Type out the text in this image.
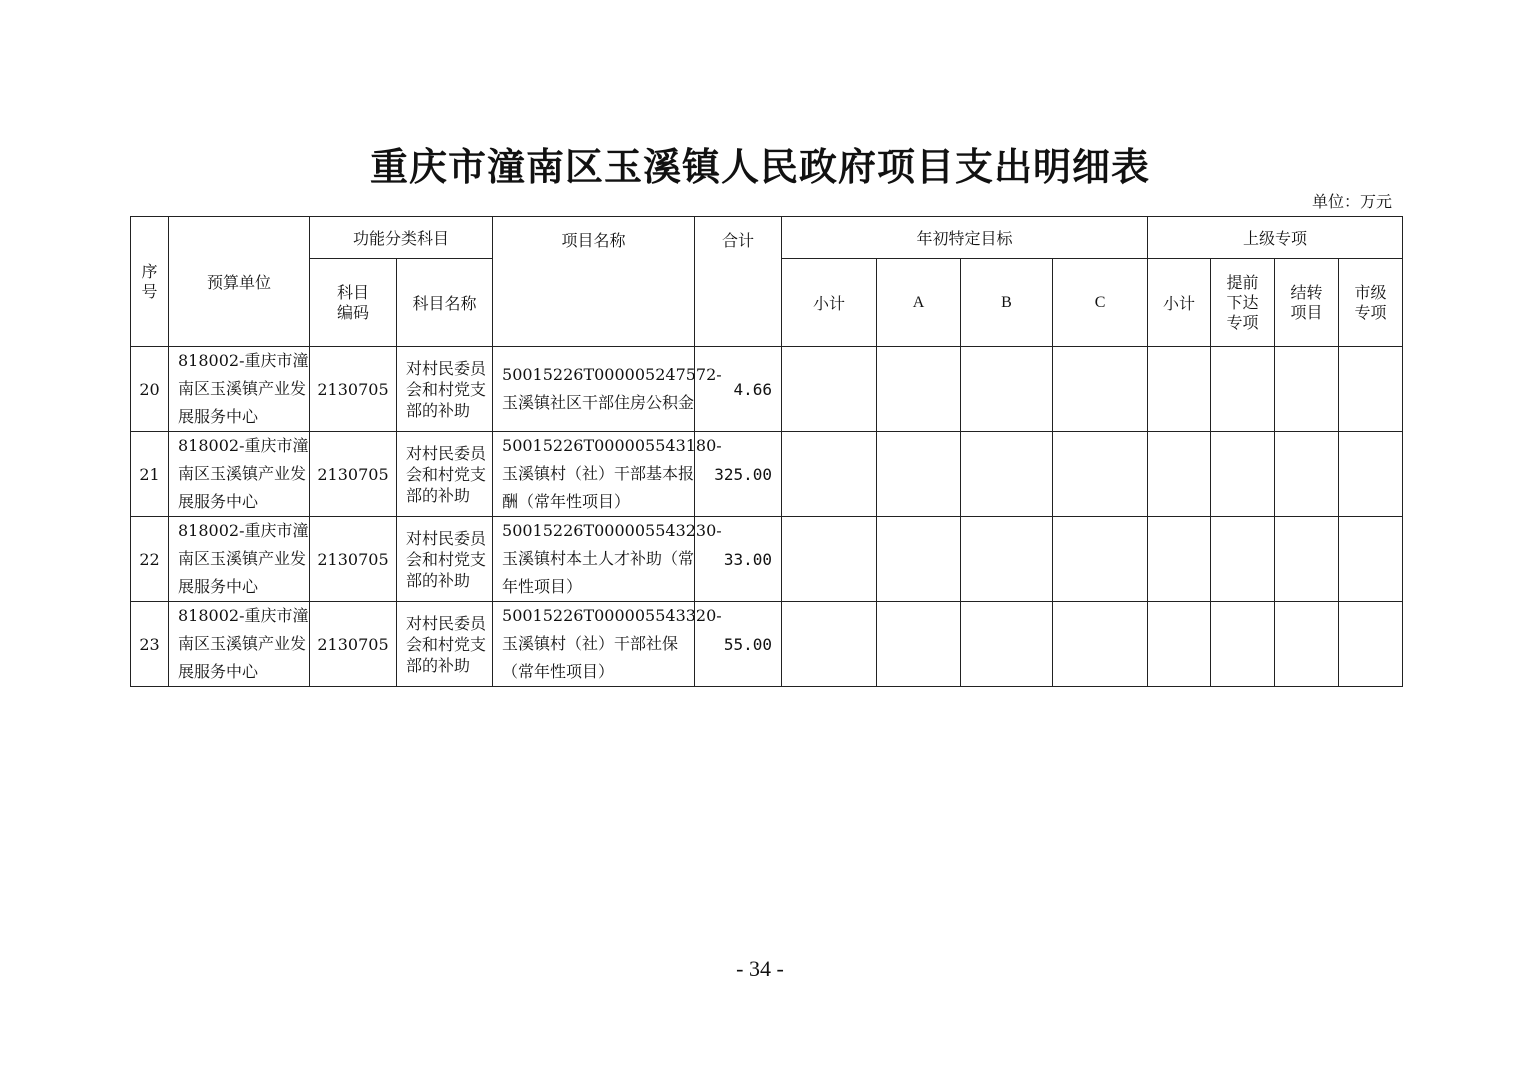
重庆市潼南区玉溪镇人民政府项目支出明细表
单位：万元
序号	预算单位	功能分类科目		项目名称	合计	年初特定目标				上级专项			

		科目编码	科目名称			小计	A	B	C	小计	提前下达专项	结转项目	市级专项

20	818002-重庆市潼南区玉溪镇产业发展服务中心	2130705	对村民委员会和村党支部的补助	50015226T000005247572-玉溪镇社区干部住房公积金	4.66								
21	818002-重庆市潼南区玉溪镇产业发展服务中心	2130705	对村民委员会和村党支部的补助	50015226T000005543180-玉溪镇村（社）干部基本报酬（常年性项目）	325.00								
22	818002-重庆市潼南区玉溪镇产业发展服务中心	2130705	对村民委员会和村党支部的补助	50015226T000005543230-玉溪镇村本土人才补助（常年性项目）	33.00								
23	818002-重庆市潼南区玉溪镇产业发展服务中心	2130705	对村民委员会和村党支部的补助	50015226T000005543320-玉溪镇村（社）干部社保（常年性项目）	55.00								
- 34 -
